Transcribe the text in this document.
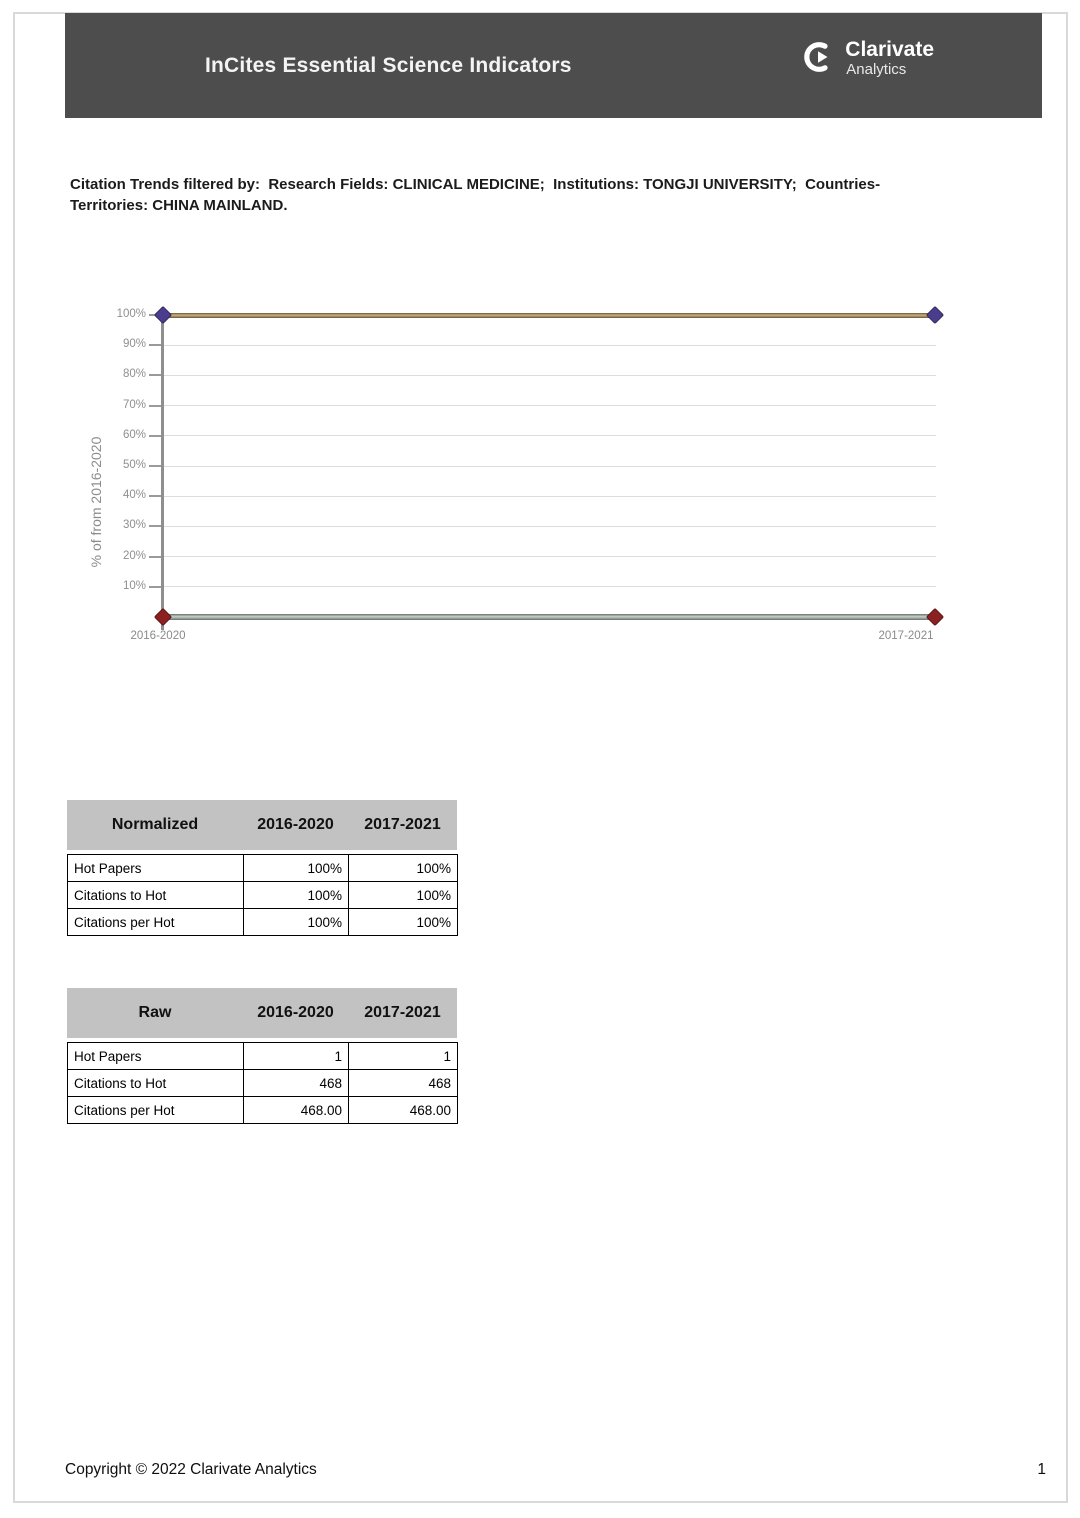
InCites Essential Science Indicators
Clarivate
Analytics
Citation Trends filtered by:  Research Fields: CLINICAL MEDICINE;  Institutions: TONGJI UNIVERSITY;  Countries-Territories: CHINA MAINLAND.
% of from 2016-2020
100%
90%
80%
70%
60%
50%
40%
30%
20%
10%
2016-2020	2017-2021
Normalized	2016-2020	2017-2021
Hot Papers	100%	100%
Citations to Hot	100%	100%
Citations per Hot	100%	100%
Raw	2016-2020	2017-2021
Hot Papers	1	1
Citations to Hot	468	468
Citations per Hot	468.00	468.00
Copyright © 2022 Clarivate Analytics	1
